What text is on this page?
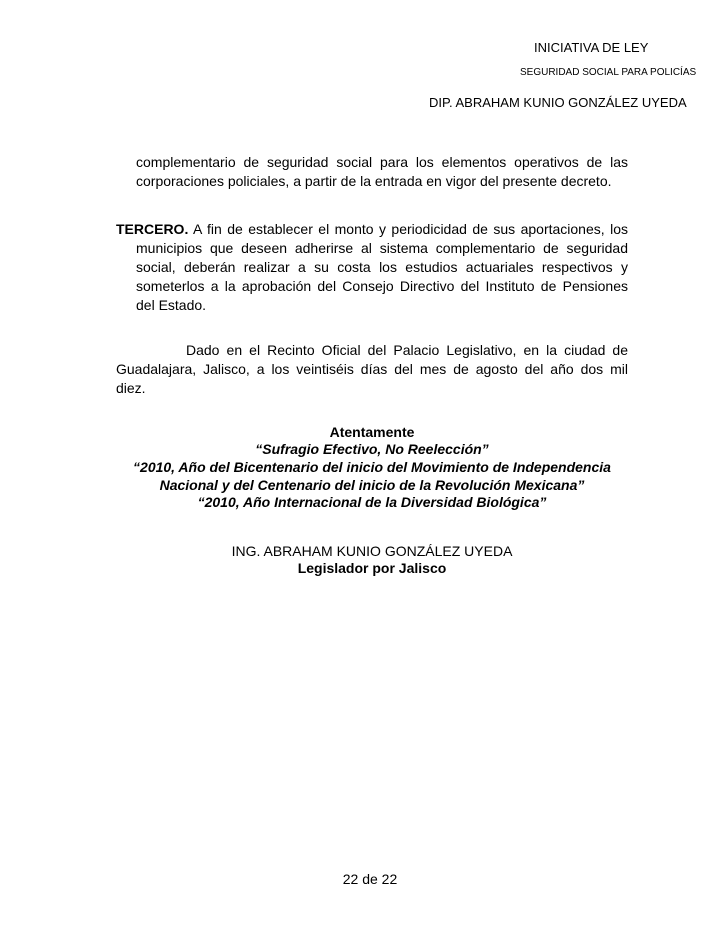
INICIATIVA DE LEY
SEGURIDAD SOCIAL PARA POLICÍAS
DIP. ABRAHAM KUNIO GONZÁLEZ UYEDA
complementario de seguridad social para los elementos operativos de las
corporaciones policiales, a partir de la entrada en vigor del presente decreto.
TERCERO. A fin de establecer el monto y periodicidad de sus aportaciones, los
municipios que deseen adherirse al sistema complementario de seguridad
social, deberán realizar a su costa los estudios actuariales respectivos y
someterlos a la aprobación del Consejo Directivo del Instituto de Pensiones
del Estado.
Dado en el Recinto Oficial del Palacio Legislativo, en la ciudad de
Guadalajara, Jalisco, a los veintiséis días del mes de agosto del año dos mil
diez.
Atentamente
“Sufragio Efectivo, No Reelección”
“2010, Año del Bicentenario del inicio del Movimiento de Independencia
Nacional y del Centenario del inicio de la Revolución Mexicana”
“2010, Año Internacional de la Diversidad Biológica”
ING. ABRAHAM KUNIO GONZÁLEZ UYEDA
Legislador por Jalisco
22 de 22
